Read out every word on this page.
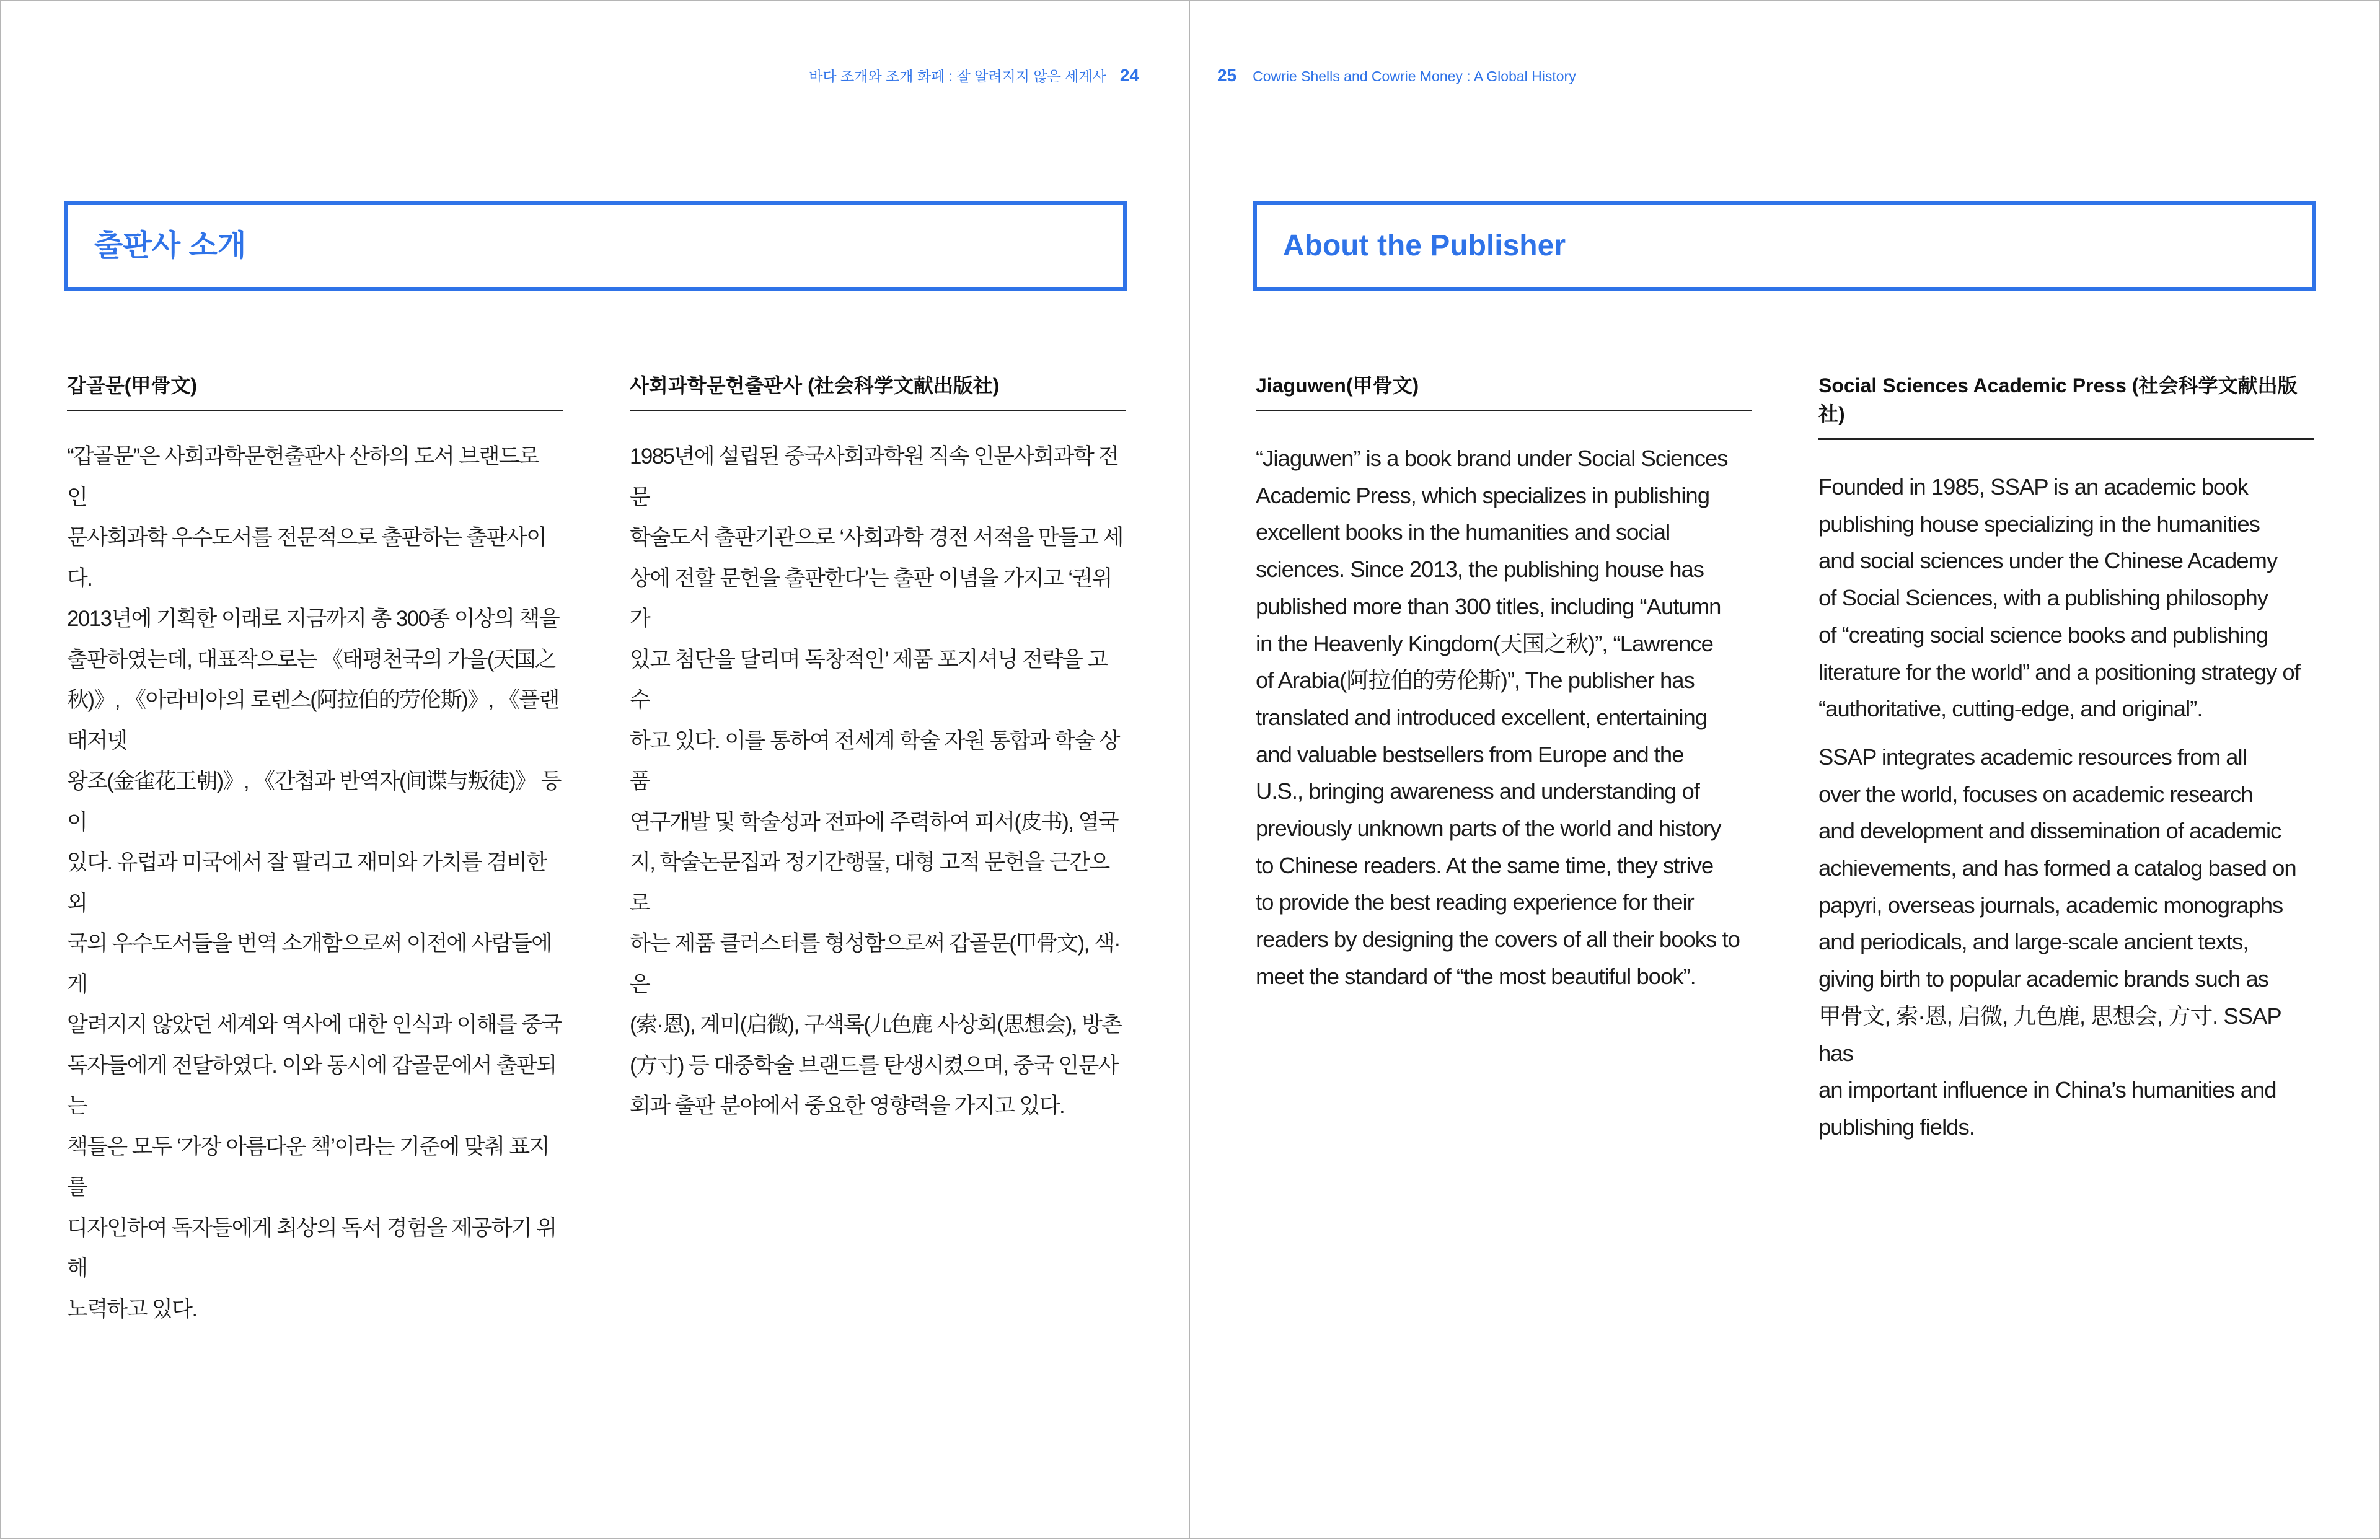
바다 조개와 조개 화폐 : 잘 알려지지 않은 세계사 24
출판사 소개
갑골문(甲骨文)

“갑골문”은 사회과학문헌출판사 산하의 도서 브랜드로 인
문사회과학 우수도서를 전문적으로 출판하는 출판사이다.
2013년에 기획한 이래로 지금까지 총 300종 이상의 책을
출판하였는데, 대표작으로는 《태평천국의 가을(天国之
秋)》, 《아라비아의 로렌스(阿拉伯的劳伦斯)》, 《플랜태저넷
왕조(金雀花王朝)》, 《간첩과 반역자(间谍与叛徒)》 등이
있다. 유럽과 미국에서 잘 팔리고 재미와 가치를 겸비한 외
국의 우수도서들을 번역 소개함으로써 이전에 사람들에게
알려지지 않았던 세계와 역사에 대한 인식과 이해를 중국
독자들에게 전달하였다. 이와 동시에 갑골문에서 출판되는
책들은 모두 ‘가장 아름다운 책’이라는 기준에 맞춰 표지를
디자인하여 독자들에게 최상의 독서 경험을 제공하기 위해
노력하고 있다.

사회과학문헌출판사 (社会科学文献出版社)

1985년에 설립된 중국사회과학원 직속 인문사회과학 전문
학술도서 출판기관으로 ‘사회과학 경전 서적을 만들고 세
상에 전할 문헌을 출판한다’는 출판 이념을 가지고 ‘권위가
있고 첨단을 달리며 독창적인’ 제품 포지셔닝 전략을 고수
하고 있다. 이를 통하여 전세계 학술 자원 통합과 학술 상품
연구개발 및 학술성과 전파에 주력하여 피서(皮书), 열국
지, 학술논문집과 정기간행물, 대형 고적 문헌을 근간으로
하는 제품 클러스터를 형성함으로써 갑골문(甲骨文), 색·은
(索·恩), 계미(启微), 구색록(九色鹿 사상회(思想会), 방촌
(方寸) 등 대중학술 브랜드를 탄생시켰으며, 중국 인문사
회과 출판 분야에서 중요한 영향력을 가지고 있다.

25 Cowrie Shells and Cowrie Money : A Global History
About the Publisher
Jiaguwen(甲骨文)

“Jiaguwen” is a book brand under Social Sciences
Academic Press, which specializes in publishing
excellent books in the humanities and social
sciences. Since 2013, the publishing house has
published more than 300 titles, including “Autumn
in the Heavenly Kingdom(天国之秋)”, “Lawrence
of Arabia(阿拉伯的劳伦斯)”, The publisher has
translated and introduced excellent, entertaining
and valuable bestsellers from Europe and the
U.S., bringing awareness and understanding of
previously unknown parts of the world and history
to Chinese readers. At the same time, they strive
to provide the best reading experience for their
readers by designing the covers of all their books to
meet the standard of “the most beautiful book”.

Social Sciences Academic Press (社会科学文献出版社)

Founded in 1985, SSAP is an academic book
publishing house specializing in the humanities
and social sciences under the Chinese Academy
of Social Sciences, with a publishing philosophy
of “creating social science books and publishing
literature for the world” and a positioning strategy of
“authoritative, cutting-edge, and original”.

SSAP integrates academic resources from all
over the world, focuses on academic research
and development and dissemination of academic
achievements, and has formed a catalog based on
papyri, overseas journals, academic monographs
and periodicals, and large-scale ancient texts,
giving birth to popular academic brands such as
甲骨文, 索·恩, 启微, 九色鹿, 思想会, 方寸. SSAP has
an important influence in China’s humanities and
publishing fields.
